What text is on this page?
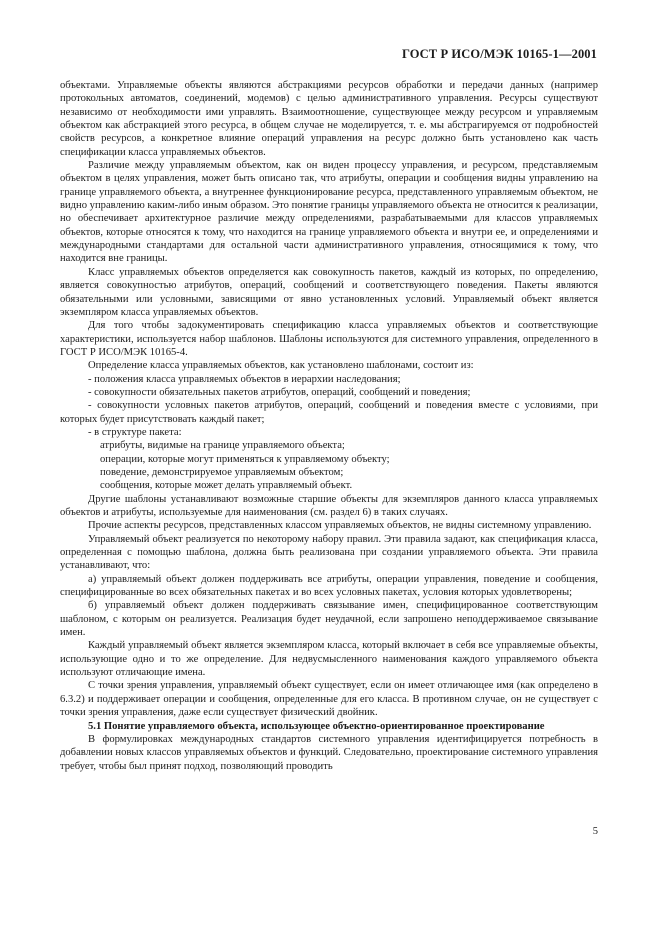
ГОСТ Р ИСО/МЭК 10165-1—2001

объектами. Управляемые объекты являются абстракциями ресурсов обработки и передачи данных (например протокольных автоматов, соединений, модемов) с целью административного управления. Ресурсы существуют независимо от необходимости ими управлять. Взаимоотношение, существующее между ресурсом и управляемым объектом как абстракцией этого ресурса, в общем случае не моделируется, т. е. мы абстрагируемся от подробностей свойств ресурсов, а конкретное влияние операций управления на ресурс должно быть установлено как часть спецификации класса управляемых объектов.

Различие между управляемым объектом, как он виден процессу управления, и ресурсом, представляемым объектом в целях управления, может быть описано так, что атрибуты, операции и сообщения видны управлению на границе управляемого объекта, а внутреннее функционирование ресурса, представленного управляемым объектом, не видно управлению каким-либо иным образом. Это понятие границы управляемого объекта не относится к реализации, но обеспечивает архитектурное различие между определениями, разрабатываемыми для классов управляемых объектов, которые относятся к тому, что находится на границе управляемого объекта и внутри ее, и определениями и международными стандартами для остальной части административного управления, относящимися к тому, что находится вне границы.

Класс управляемых объектов определяется как совокупность пакетов, каждый из которых, по определению, является совокупностью атрибутов, операций, сообщений и соответствующего поведения. Пакеты являются обязательными или условными, зависящими от явно установленных условий. Управляемый объект является экземпляром класса управляемых объектов.

Для того чтобы задокументировать спецификацию класса управляемых объектов и соответствующие характеристики, используется набор шаблонов. Шаблоны используются для системного управления, определенного в ГОСТ Р ИСО/МЭК 10165-4.

Определение класса управляемых объектов, как установлено шаблонами, состоит из:

- положения класса управляемых объектов в иерархии наследования;

- совокупности обязательных пакетов атрибутов, операций, сообщений и поведения;

- совокупности условных пакетов атрибутов, операций, сообщений и поведения вместе с условиями, при которых будет присутствовать каждый пакет;

- в структуре пакета:

атрибуты, видимые на границе управляемого объекта;

операции, которые могут применяться к управляемому объекту;

поведение, демонстрируемое управляемым объектом;

сообщения, которые может делать управляемый объект.

Другие шаблоны устанавливают возможные старшие объекты для экземпляров данного класса управляемых объектов и атрибуты, используемые для наименования (см. раздел 6) в таких случаях.

Прочие аспекты ресурсов, представленных классом управляемых объектов, не видны системному управлению.

Управляемый объект реализуется по некоторому набору правил. Эти правила задают, как спецификация класса, определенная с помощью шаблона, должна быть реализована при создании управляемого объекта. Эти правила устанавливают, что:

а) управляемый объект должен поддерживать все атрибуты, операции управления, поведение и сообщения, специфицированные во всех обязательных пакетах и во всех условных пакетах, условия которых удовлетворены;

б) управляемый объект должен поддерживать связывание имен, специфицированное соответствующим шаблоном, с которым он реализуется. Реализация будет неудачной, если запрошено неподдерживаемое связывание имен.

Каждый управляемый объект является экземпляром класса, который включает в себя все управляемые объекты, использующие одно и то же определение. Для недвусмысленного наименования каждого управляемого объекта используют отличающие имена.

С точки зрения управления, управляемый объект существует, если он имеет отличающее имя (как определено в 6.3.2) и поддерживает операции и сообщения, определенные для его класса. В противном случае, он не существует с точки зрения управления, даже если существует физический двойник.

5.1 Понятие управляемого объекта, использующее объектно-ориентированное проектирование

В формулировках международных стандартов системного управления идентифицируется потребность в добавлении новых классов управляемых объектов и функций. Следовательно, проектирование системного управления требует, чтобы был принят подход, позволяющий проводить

5
